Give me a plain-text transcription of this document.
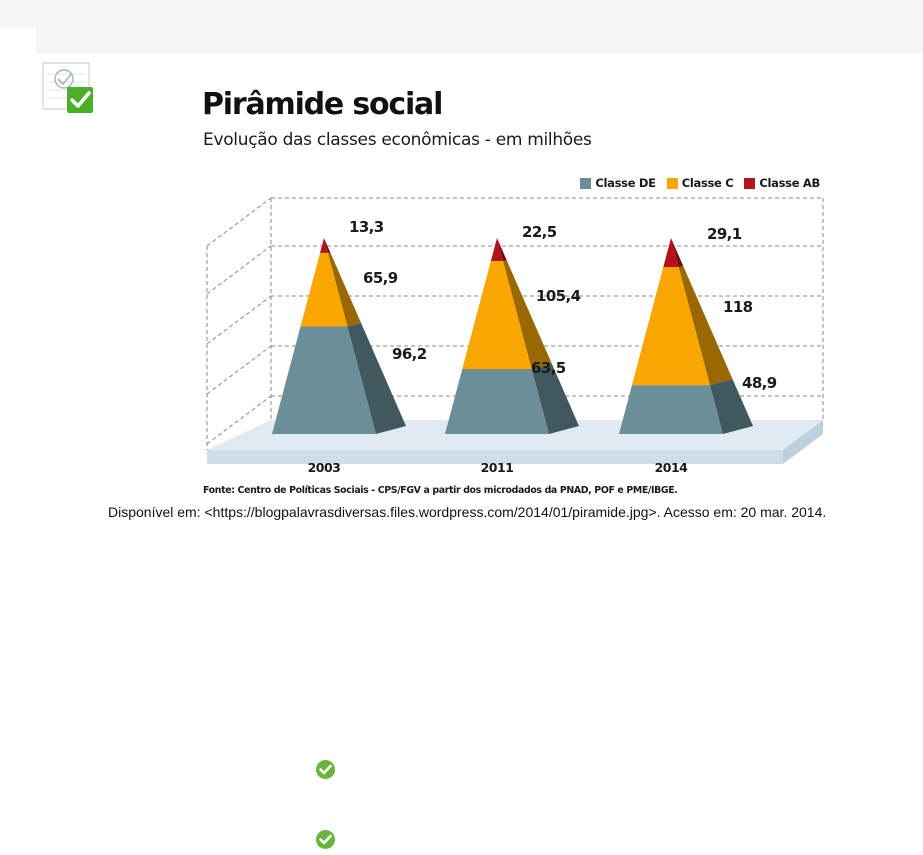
Pirâmide social
Evolução das classes econômicas - em milhões
Classe DE Classe C Classe AB
96,2
65,9
13,3
2003
63,5
105,4
22,5
2011
48,9
118
29,1
2014
Fonte: Centro de Políticas Sociais - CPS/FGV a partir dos microdados da PNAD, POF e PME/IBGE.
Disponível em: <https://blogpalavrasdiversas.files.wordpress.com/2014/01/piramide.jpg>. Acesso em: 20 mar. 2014.
